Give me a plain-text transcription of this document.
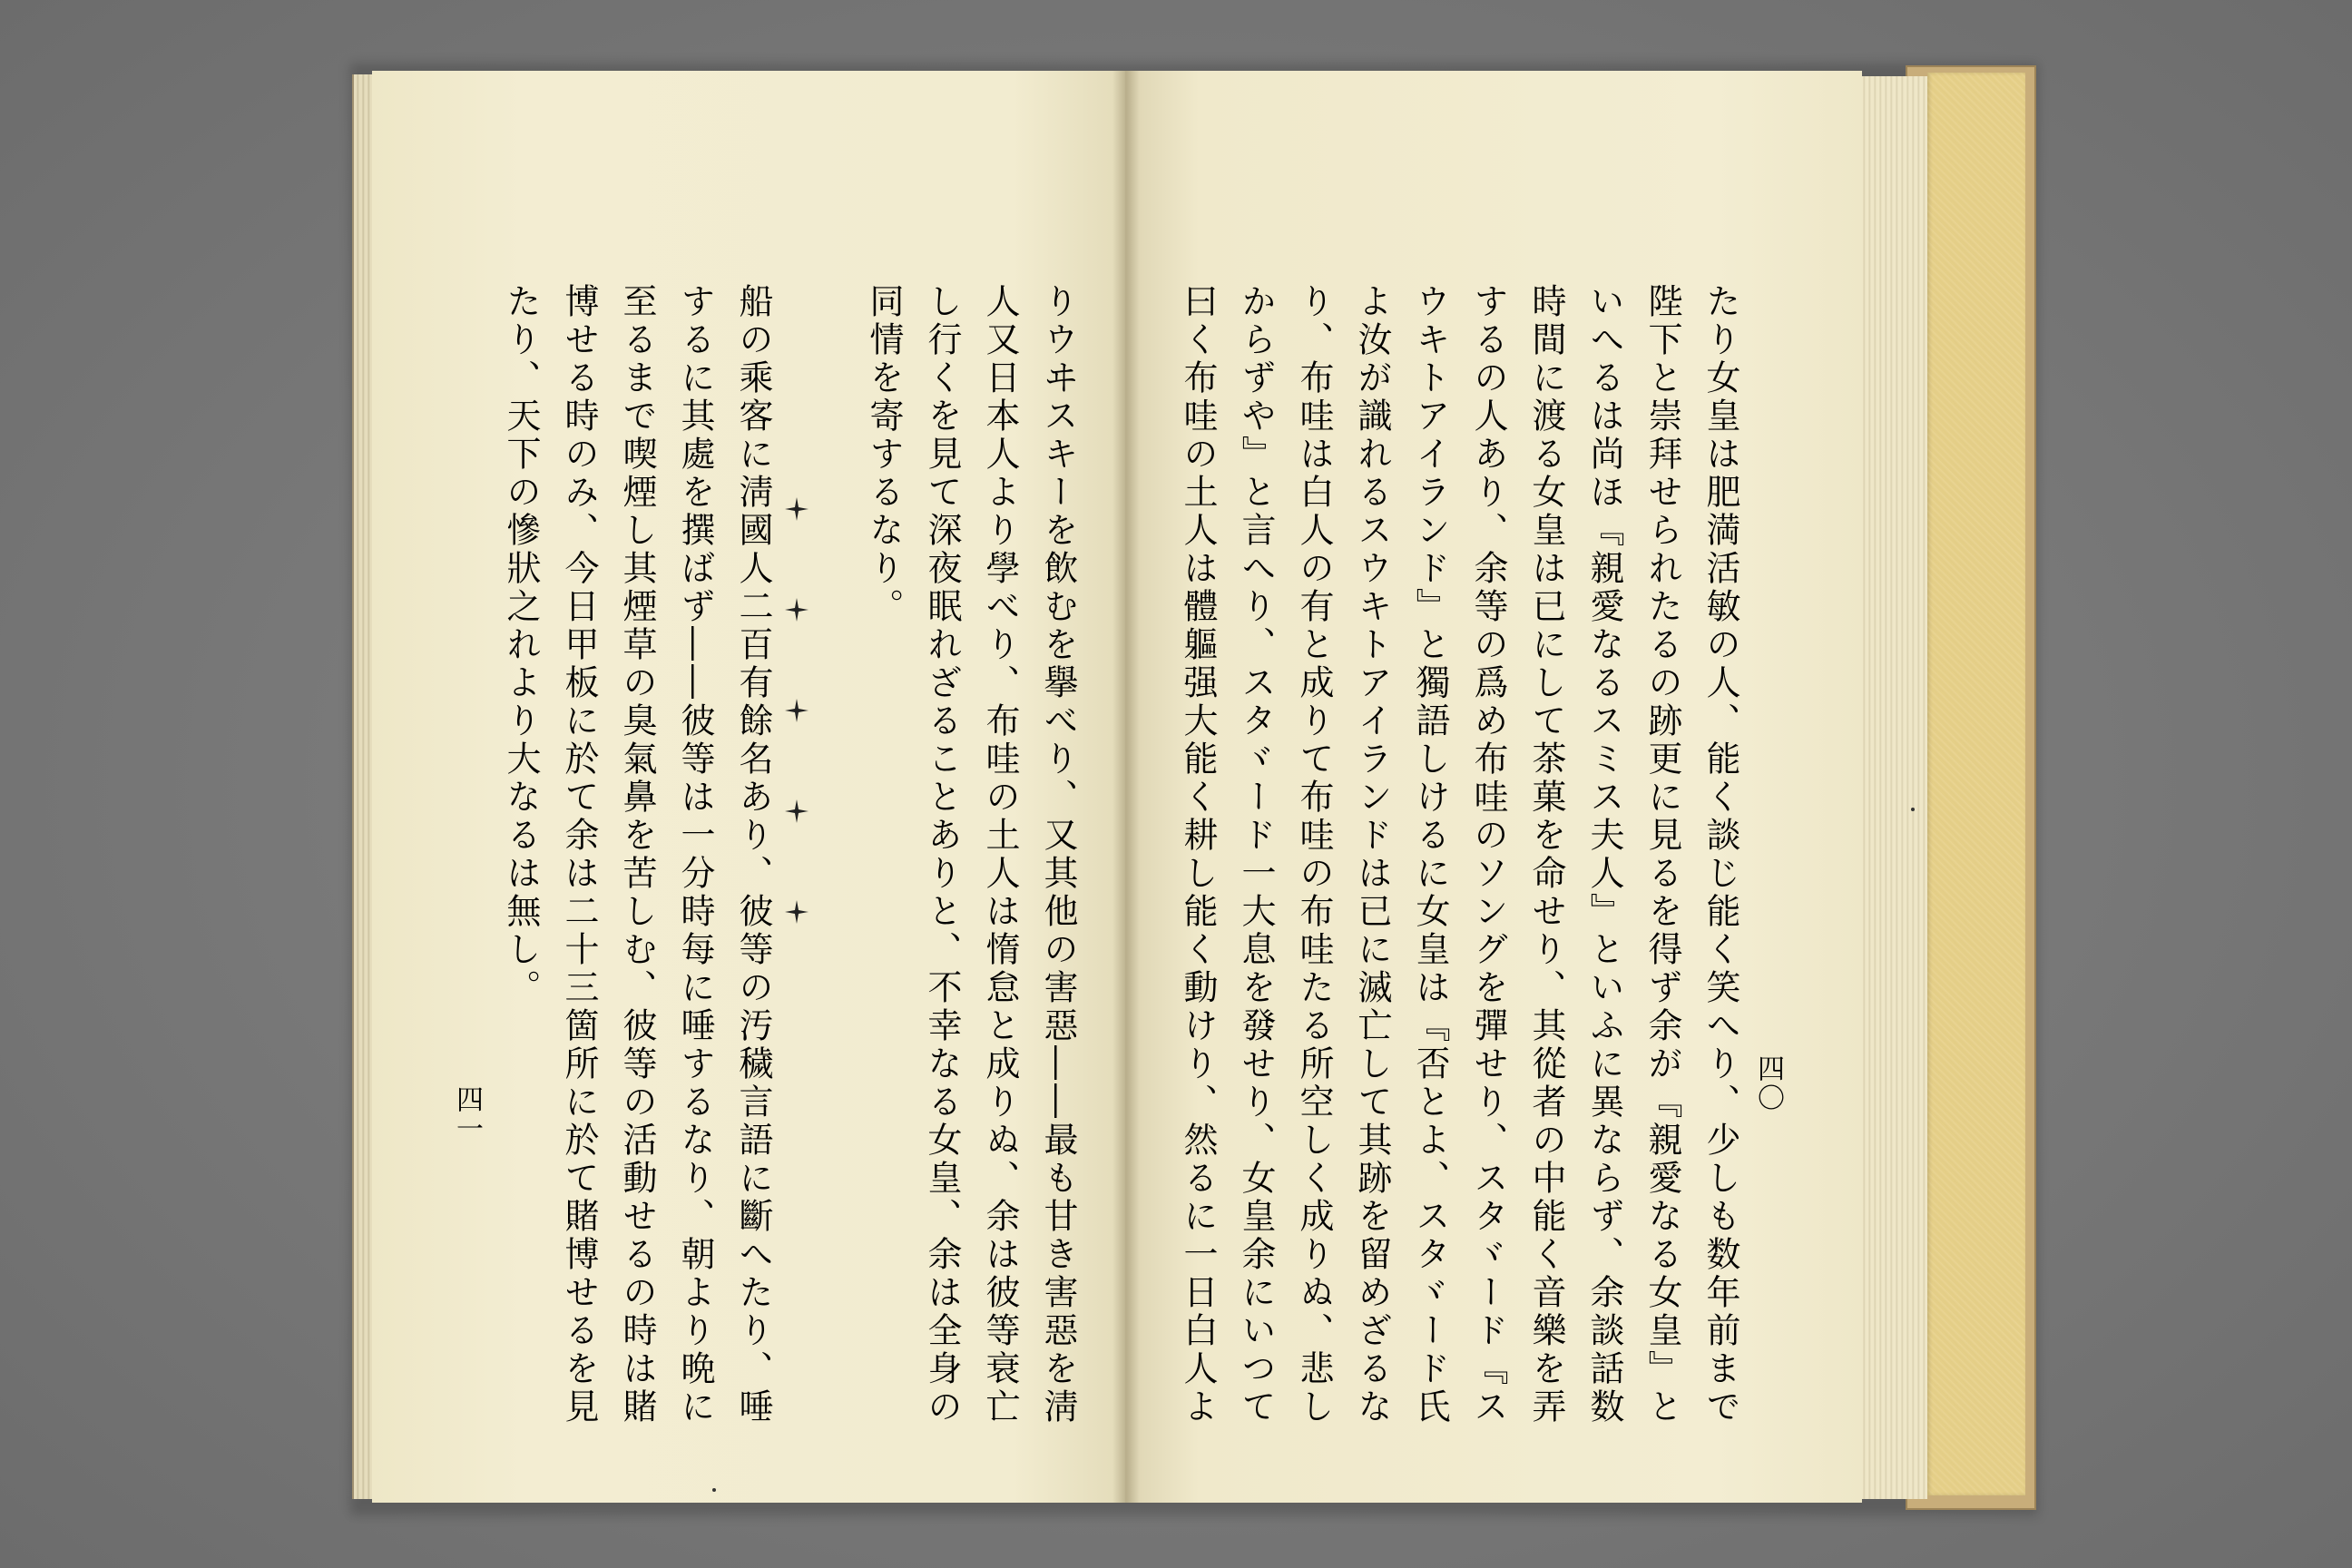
たり女皇は肥満活敏の人、能く談じ能く笑へり、少しも数年前まで
陛下と崇拜せられたるの跡更に見るを得ず余が『親愛なる女皇』と
いへるは尚ほ『親愛なるスミス夫人』といふに異ならず、余談話数
時間に渡る女皇は已にして茶菓を命せり、其從者の中能く音樂を弄
するの人あり、余等の爲め布哇のソングを彈せり、スタヾード『ス
ウキトアイランド』と獨語しけるに女皇は『否とよ、スタヾード氏
よ汝が識れるスウキトアイランドは已に滅亡して其跡を留めざるな
り、布哇は白人の有と成りて布哇の布哇たる所空しく成りぬ、悲し
からずや』と言へり、スタヾード一大息を發せり、女皇余にいつて
曰く布哇の土人は體軀强大能く耕し能く動けり、然るに一日白人よ	四〇
りウヰスキーを飲むを擧べり、又其他の害惡――最も甘き害惡を淸
人又日本人より學べり、布哇の土人は惰怠と成りぬ、余は彼等衰亡
し行くを見て深夜眠れざることありと、不幸なる女皇、余は全身の
同情を寄するなり。
船の乘客に淸國人二百有餘名あり、彼等の汚穢言語に斷へたり、唾
するに其處を撰ばず――彼等は一分時每に唾するなり、朝より晩に
至るまで喫煙し其煙草の臭氣鼻を苦しむ、彼等の活動せるの時は賭
博せる時のみ、今日甲板に於て余は二十三箇所に於て賭博せるを見
たり、天下の慘狀之れより大なるは無し。
四一
